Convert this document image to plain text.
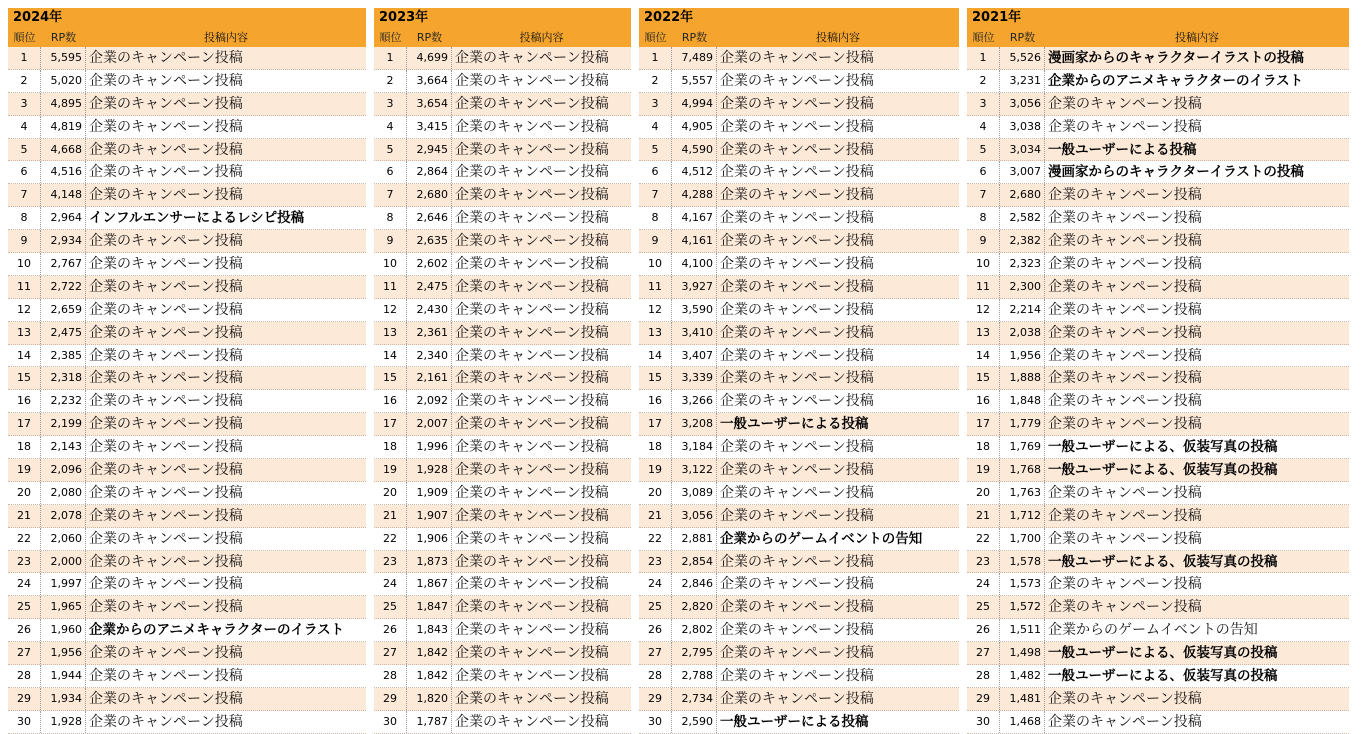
2024年
順位	RP数	投稿内容
1	5,595 企業のキャンペーン投稿
2	5,020 企業のキャンペーン投稿
3	4,895 企業のキャンペーン投稿
4	4,819 企業のキャンペーン投稿
5	4,668 企業のキャンペーン投稿
6	4,516 企業のキャンペーン投稿
7	4,148 企業のキャンペーン投稿
8	2,964 インフルエンサーによるレシピ投稿
9	2,934 企業のキャンペーン投稿
10	2,767 企業のキャンペーン投稿
11	2,722 企業のキャンペーン投稿
12	2,659 企業のキャンペーン投稿
13	2,475 企業のキャンペーン投稿
14	2,385 企業のキャンペーン投稿
15	2,318 企業のキャンペーン投稿
16	2,232 企業のキャンペーン投稿
17	2,199 企業のキャンペーン投稿
18	2,143 企業のキャンペーン投稿
19	2,096 企業のキャンペーン投稿
20	2,080 企業のキャンペーン投稿
21	2,078 企業のキャンペーン投稿
22	2,060 企業のキャンペーン投稿
23	2,000 企業のキャンペーン投稿
24	1,997 企業のキャンペーン投稿
25	1,965 企業のキャンペーン投稿
26	1,960 企業からのアニメキャラクターのイラスト
27	1,956 企業のキャンペーン投稿
28	1,944 企業のキャンペーン投稿
29	1,934 企業のキャンペーン投稿
30	1,928 企業のキャンペーン投稿
2023年
順位	RP数	投稿内容
1	4,699 企業のキャンペーン投稿
2	3,664 企業のキャンペーン投稿
3	3,654 企業のキャンペーン投稿
4	3,415 企業のキャンペーン投稿
5	2,945 企業のキャンペーン投稿
6	2,864 企業のキャンペーン投稿
7	2,680 企業のキャンペーン投稿
8	2,646 企業のキャンペーン投稿
9	2,635 企業のキャンペーン投稿
10	2,602 企業のキャンペーン投稿
11	2,475 企業のキャンペーン投稿
12	2,430 企業のキャンペーン投稿
13	2,361 企業のキャンペーン投稿
14	2,340 企業のキャンペーン投稿
15	2,161 企業のキャンペーン投稿
16	2,092 企業のキャンペーン投稿
17	2,007 企業のキャンペーン投稿
18	1,996 企業のキャンペーン投稿
19	1,928 企業のキャンペーン投稿
20	1,909 企業のキャンペーン投稿
21	1,907 企業のキャンペーン投稿
22	1,906 企業のキャンペーン投稿
23	1,873 企業のキャンペーン投稿
24	1,867 企業のキャンペーン投稿
25	1,847 企業のキャンペーン投稿
26	1,843 企業のキャンペーン投稿
27	1,842 企業のキャンペーン投稿
28	1,842 企業のキャンペーン投稿
29	1,820 企業のキャンペーン投稿
30	1,787 企業のキャンペーン投稿
2022年
順位	RP数	投稿内容
1	7,489 企業のキャンペーン投稿
2	5,557 企業のキャンペーン投稿
3	4,994 企業のキャンペーン投稿
4	4,905 企業のキャンペーン投稿
5	4,590 企業のキャンペーン投稿
6	4,512 企業のキャンペーン投稿
7	4,288 企業のキャンペーン投稿
8	4,167 企業のキャンペーン投稿
9	4,161 企業のキャンペーン投稿
10	4,100 企業のキャンペーン投稿
11	3,927 企業のキャンペーン投稿
12	3,590 企業のキャンペーン投稿
13	3,410 企業のキャンペーン投稿
14	3,407 企業のキャンペーン投稿
15	3,339 企業のキャンペーン投稿
16	3,266 企業のキャンペーン投稿
17	3,208 一般ユーザーによる投稿
18	3,184 企業のキャンペーン投稿
19	3,122 企業のキャンペーン投稿
20	3,089 企業のキャンペーン投稿
21	3,056 企業のキャンペーン投稿
22	2,881 企業からのゲームイベントの告知
23	2,854 企業のキャンペーン投稿
24	2,846 企業のキャンペーン投稿
25	2,820 企業のキャンペーン投稿
26	2,802 企業のキャンペーン投稿
27	2,795 企業のキャンペーン投稿
28	2,788 企業のキャンペーン投稿
29	2,734 企業のキャンペーン投稿
30	2,590 一般ユーザーによる投稿
2021年
順位	RP数	投稿内容
1	5,526 漫画家からのキャラクターイラストの投稿
2	3,231 企業からのアニメキャラクターのイラスト
3	3,056 企業のキャンペーン投稿
4	3,038 企業のキャンペーン投稿
5	3,034 一般ユーザーによる投稿
6	3,007 漫画家からのキャラクターイラストの投稿
7	2,680 企業のキャンペーン投稿
8	2,582 企業のキャンペーン投稿
9	2,382 企業のキャンペーン投稿
10	2,323 企業のキャンペーン投稿
11	2,300 企業のキャンペーン投稿
12	2,214 企業のキャンペーン投稿
13	2,038 企業のキャンペーン投稿
14	1,956 企業のキャンペーン投稿
15	1,888 企業のキャンペーン投稿
16	1,848 企業のキャンペーン投稿
17	1,779 企業のキャンペーン投稿
18	1,769 一般ユーザーによる、仮装写真の投稿
19	1,768 一般ユーザーによる、仮装写真の投稿
20	1,763 企業のキャンペーン投稿
21	1,712 企業のキャンペーン投稿
22	1,700 企業のキャンペーン投稿
23	1,578 一般ユーザーによる、仮装写真の投稿
24	1,573 企業のキャンペーン投稿
25	1,572 企業のキャンペーン投稿
26	1,511 企業からのゲームイベントの告知
27	1,498 一般ユーザーによる、仮装写真の投稿
28	1,482 一般ユーザーによる、仮装写真の投稿
29	1,481 企業のキャンペーン投稿
30	1,468 企業のキャンペーン投稿
